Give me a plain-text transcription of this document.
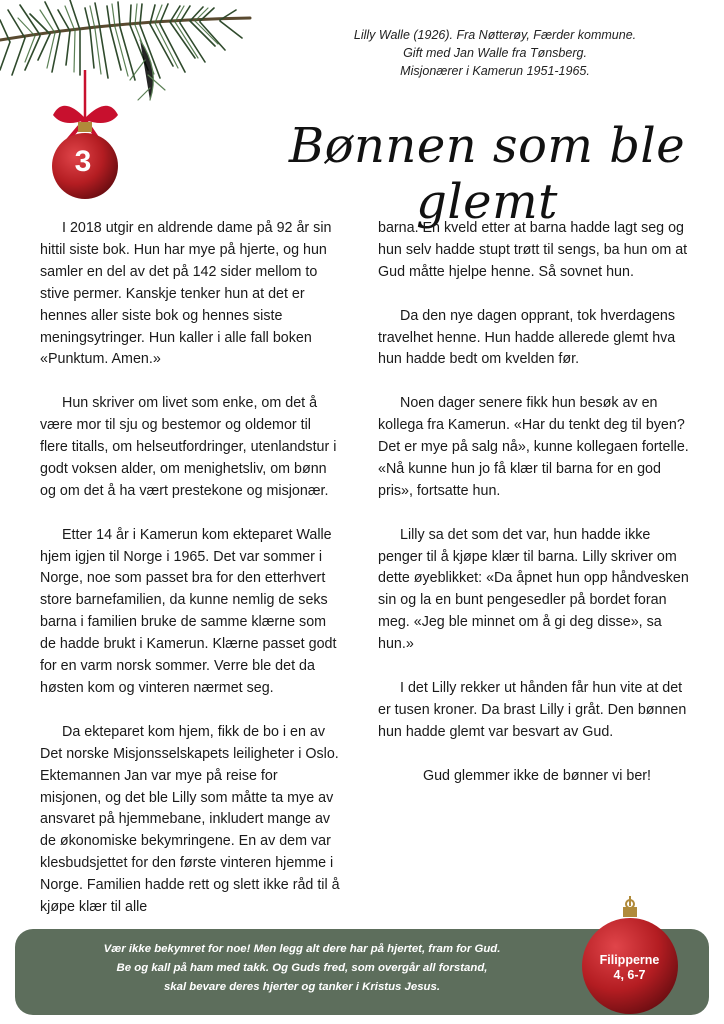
3
Lilly Walle (1926). Fra Nøtterøy, Færder kommune.
Gift med Jan Walle fra Tønsberg.
Misjonærer i Kamerun 1951-1965.
Bønnen som ble glemt

I 2018 utgir en aldrende dame på 92 år sin hittil siste bok. Hun har mye på hjerte, og hun samler en del av det på 142 sider mellom to stive permer. Kanskje tenker hun at det er hennes aller siste bok og hennes siste meningsytringer. Hun kaller i alle fall boken «Punktum. Amen.»

Hun skriver om livet som enke, om det å være mor til sju og bestemor og oldemor til flere titalls, om helseutfordringer, utenlandstur i godt voksen alder, om menighetsliv, om bønn og om det å ha vært prestekone og misjonær.

Etter 14 år i Kamerun kom ekteparet Walle hjem igjen til Norge i 1965. Det var sommer i Norge, noe som passet bra for den etterhvert store barnefamilien, da kunne nemlig de seks barna i familien bruke de samme klærne som de hadde brukt i Kamerun. Klærne passet godt for en varm norsk sommer. Verre ble det da høsten kom og vinteren nærmet seg.

Da ekteparet kom hjem, fikk de bo i en av Det norske Misjonsselskapets leiligheter i Oslo. Ektemannen Jan var mye på reise for misjonen, og det ble Lilly som måtte ta mye av ansvaret på hjemmebane, inkludert mange av de økonomiske bekymringene. En av dem var klesbudsjettet for den første vinteren hjemme i Norge. Familien hadde rett og slett ikke råd til å kjøpe klær til alle

barna. En kveld etter at barna hadde lagt seg og hun selv hadde stupt trøtt til sengs, ba hun om at Gud måtte hjelpe henne. Så sovnet hun.

Da den nye dagen opprant, tok hverdagens travelhet henne. Hun hadde allerede glemt hva hun hadde bedt om kvelden før.

Noen dager senere fikk hun besøk av en kollega fra Kamerun. «Har du tenkt deg til byen? Det er mye på salg nå», kunne kollegaen fortelle. «Nå kunne hun jo få klær til barna for en god pris», fortsatte hun.

Lilly sa det som det var, hun hadde ikke penger til å kjøpe klær til barna. Lilly skriver om dette øyeblikket: «Da åpnet hun opp håndvesken sin og la en bunt pengesedler på bordet foran meg. «Jeg ble minnet om å gi deg disse», sa hun.»

I det Lilly rekker ut hånden får hun vite at det er tusen kroner. Da brast Lilly i gråt. Den bønnen hun hadde glemt var besvart av Gud.

Gud glemmer ikke de bønner vi ber!

Vær ikke bekymret for noe! Men legg alt dere har på hjertet, fram for Gud.
Be og kall på ham med takk. Og Guds fred, som overgår all forstand,
skal bevare deres hjerter og tanker i Kristus Jesus.
Filipperne
4, 6-7
